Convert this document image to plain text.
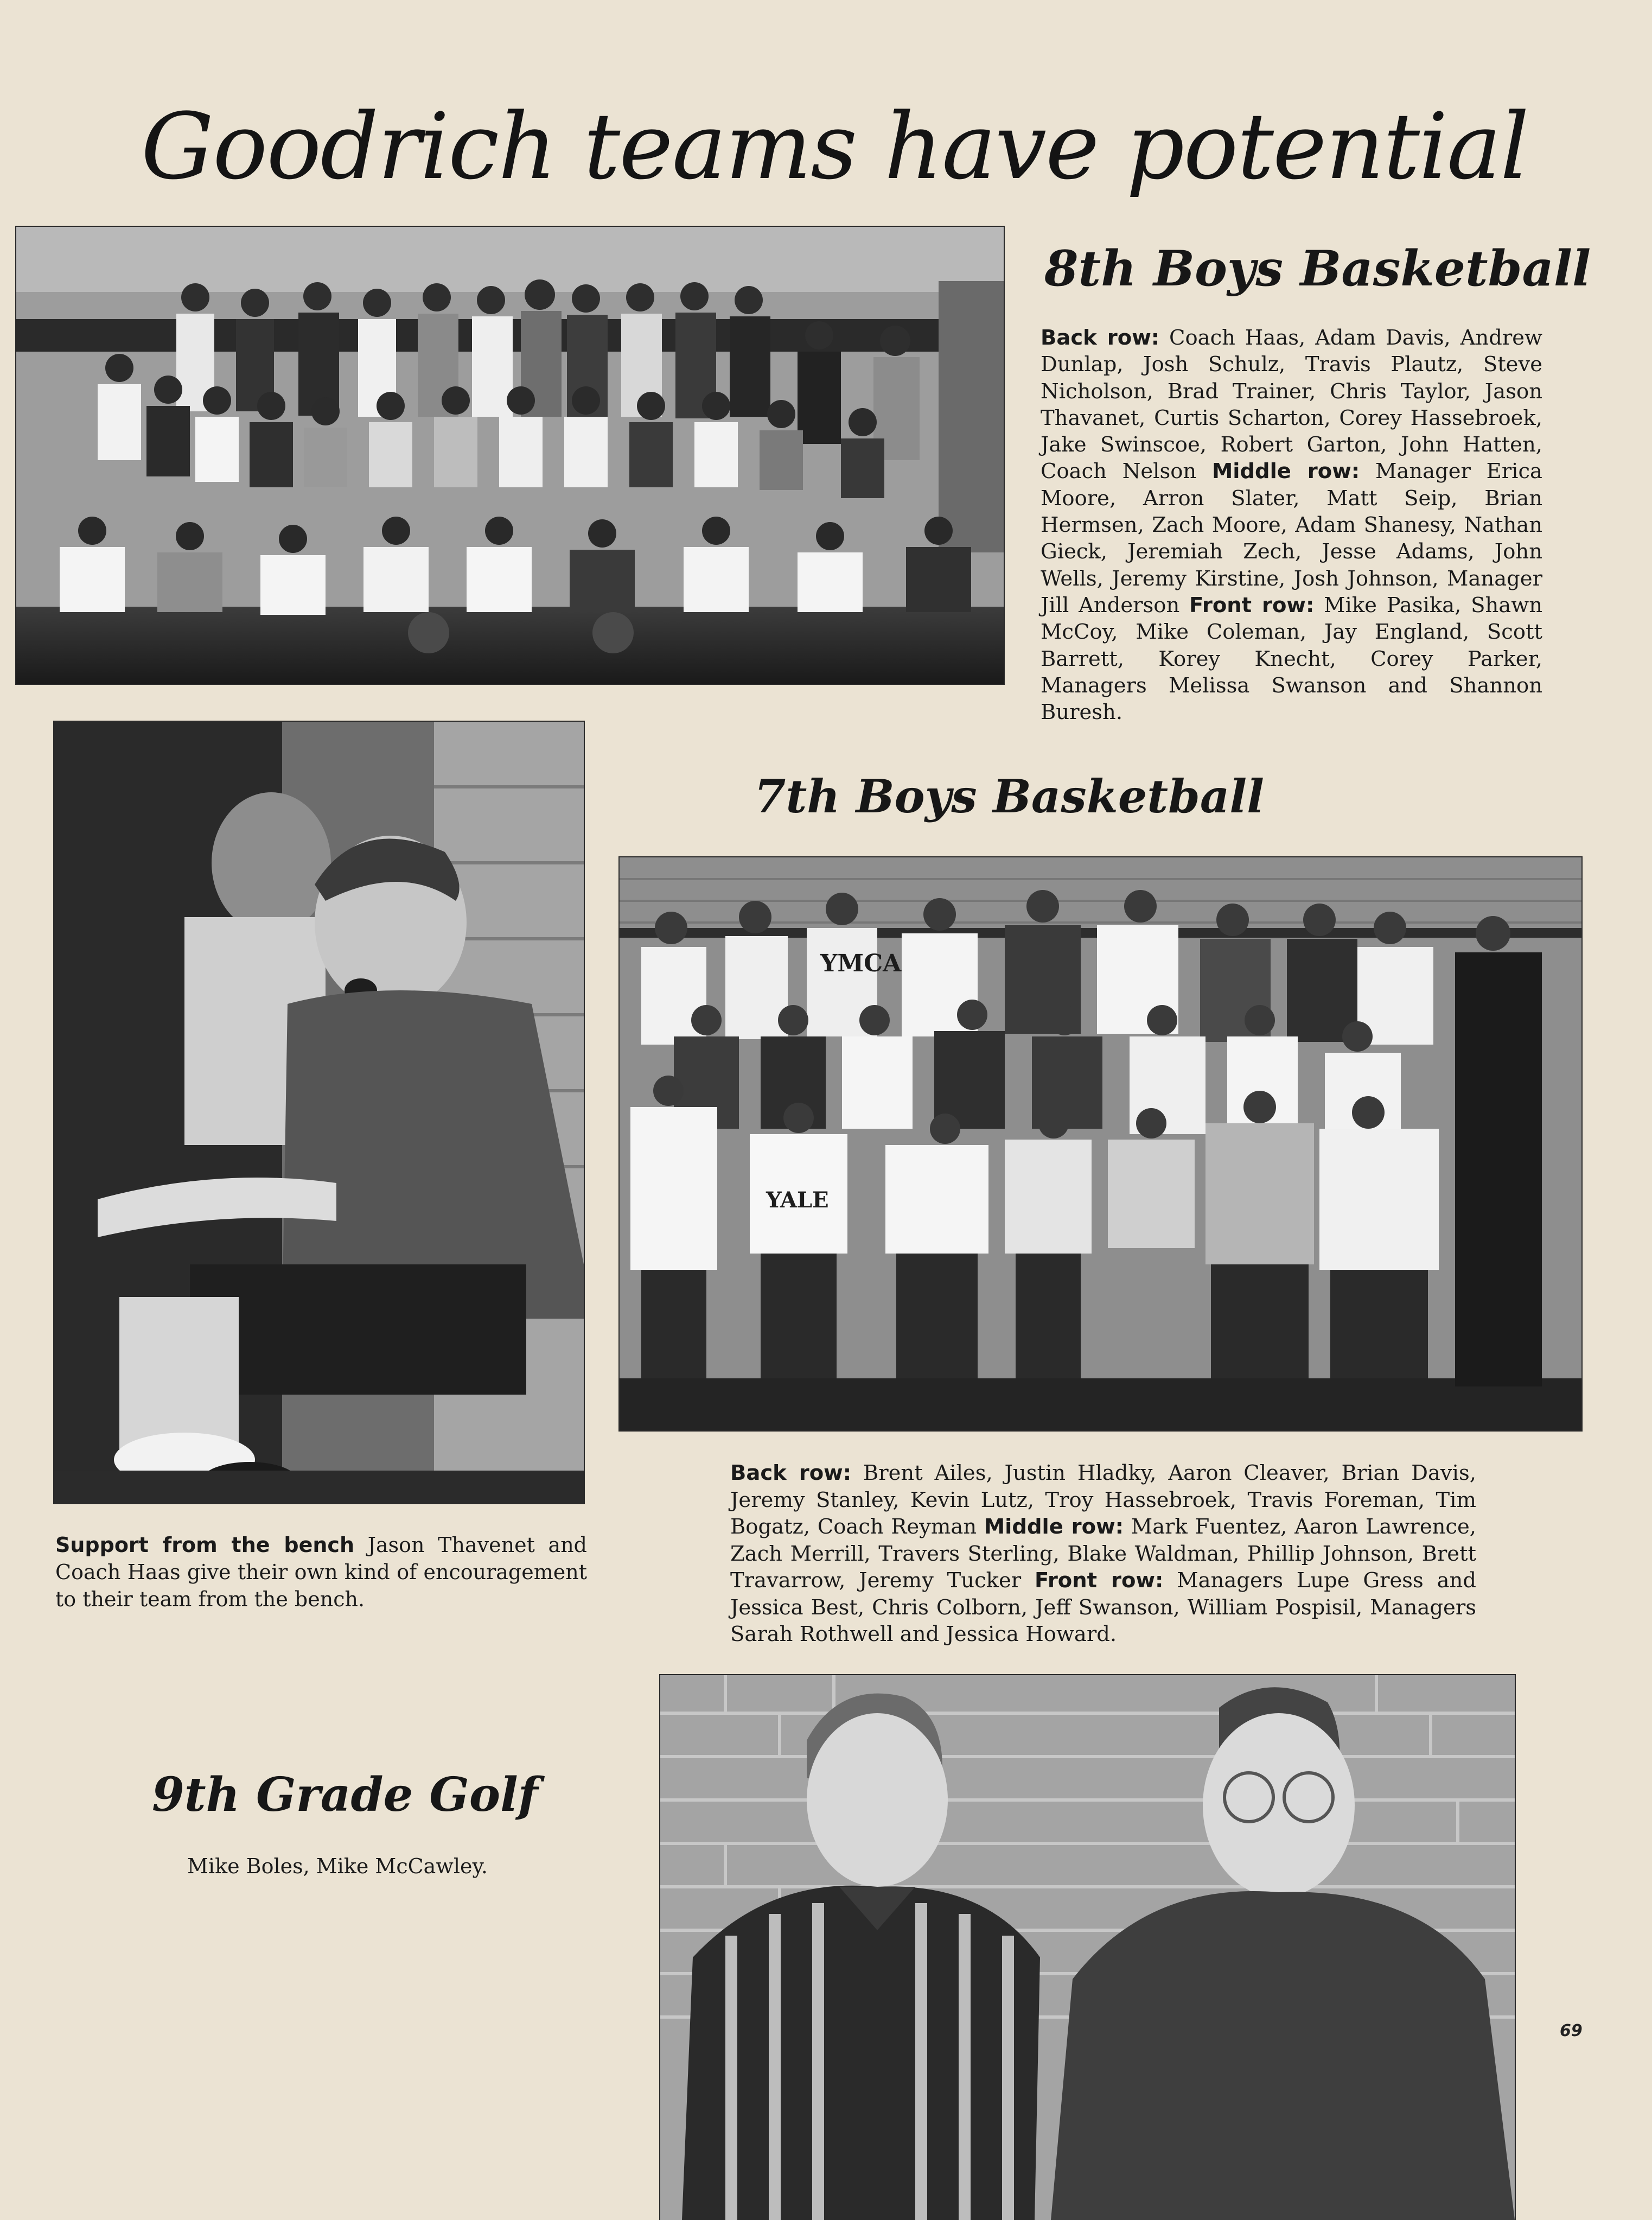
Goodrich teams have potential
8th Boys Basketball
Back row: Coach Haas, Adam Davis, Andrew Dunlap, Josh Schulz, Travis Plautz, Steve Nicholson, Brad Trainer, Chris Taylor, Jason Thavanet, Curtis Scharton, Corey Hassebroek, Jake Swinscoe, Robert Garton, John Hatten, Coach Nelson Middle row: Manager Erica Moore, Arron Slater, Matt Seip, Brian Hermsen, Zach Moore, Adam Shanesy, Nathan Gieck, Jeremiah Zech, Jesse Adams, John Wells, Jeremy Kirstine, Josh Johnson, Manager Jill Anderson Front row: Mike Pasika, Shawn McCoy, Mike Coleman, Jay England, Scott Barrett, Korey Knecht, Corey Parker, Managers Melissa Swanson and Shannon Buresh.
Support from the bench Jason Thavenet and Coach Haas give their own kind of encouragement to their team from the bench.
7th Boys Basketball
YMCA
YALE
Back row: Brent Ailes, Justin Hladky, Aaron Cleaver, Brian Davis, Jeremy Stanley, Kevin Lutz, Troy Hassebroek, Travis Foreman, Tim Bogatz, Coach Reyman Middle row: Mark Fuentez, Aaron Lawrence, Zach Merrill, Travers Sterling, Blake Waldman, Phillip Johnson, Brett Travarrow, Jeremy Tucker Front row: Managers Lupe Gress and Jessica Best, Chris Colborn, Jeff Swanson, William Pospisil, Managers Sarah Rothwell and Jessica Howard.
9th Grade Golf
Mike Boles, Mike McCawley.
69
